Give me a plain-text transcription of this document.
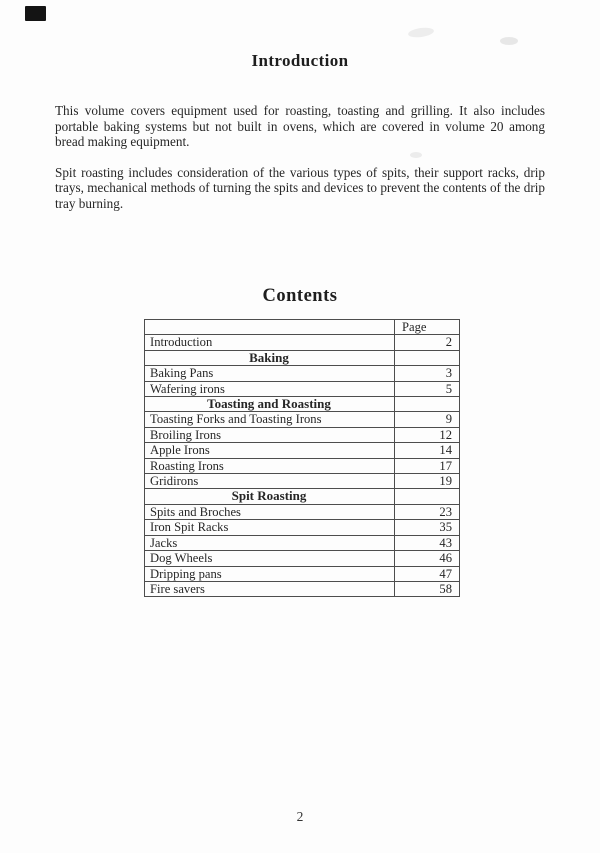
Introduction

This volume covers equipment used for roasting, toasting and grilling. It also includes portable baking systems but not built in ovens, which are covered in volume 20 among bread making equipment.

Spit roasting includes consideration of the various types of spits, their support racks, drip trays, mechanical methods of turning the spits and devices to prevent the contents of the drip tray burning.

Contents
	Page
Introduction	2
Baking	
Baking Pans	3
Wafering irons	5
Toasting and Roasting	
Toasting Forks and Toasting Irons	9
Broiling Irons	12
Apple Irons	14
Roasting Irons	17
Gridirons	19
Spit Roasting	
Spits and Broches	23
Iron Spit Racks	35
Jacks	43
Dog Wheels	46
Dripping pans	47
Fire savers	58
2
